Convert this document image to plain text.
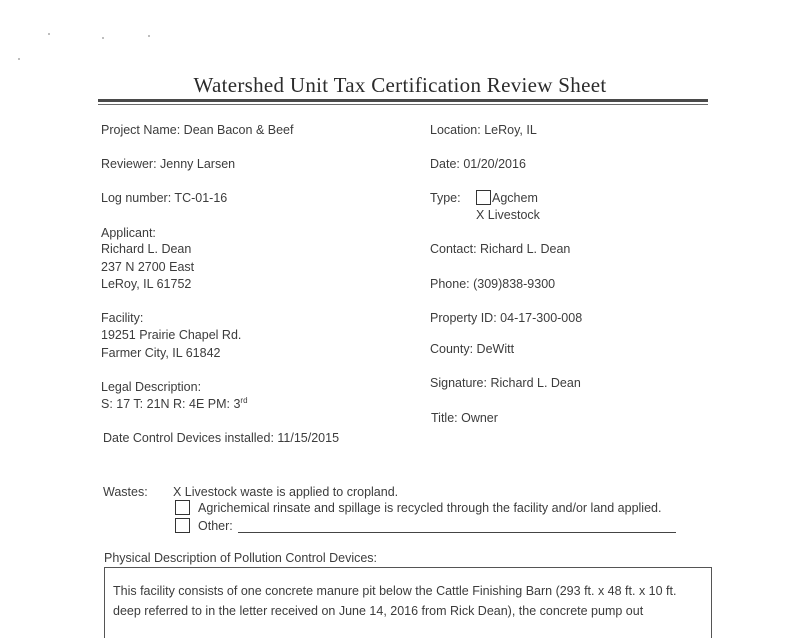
Watershed Unit Tax Certification Review Sheet
Project Name: Dean Bacon & Beef
Reviewer: Jenny Larsen
Log number: TC-01-16
Applicant:
Richard L. Dean
237 N 2700 East
LeRoy, IL 61752
Facility:
19251 Prairie Chapel Rd.
Farmer City, IL 61842
Legal Description:
S: 17 T: 21N R: 4E PM: 3rd
Date Control Devices installed: 11/15/2015
Location: LeRoy, IL
Date: 01/20/2016
Type:	Agchem
X Livestock
Contact: Richard L. Dean
Phone: (309)838-9300
Property ID: 04-17-300-008
County: DeWitt
Signature: Richard L. Dean
Title: Owner
Wastes: X Livestock waste is applied to cropland.
Agrichemical rinsate and spillage is recycled through the facility and/or land applied.
Other:
Physical Description of Pollution Control Devices:
This facility consists of one concrete manure pit below the Cattle Finishing Barn (293 ft. x 48 ft. x 10 ft.
deep referred to in the letter received on June 14, 2016 from Rick Dean), the concrete pump out
